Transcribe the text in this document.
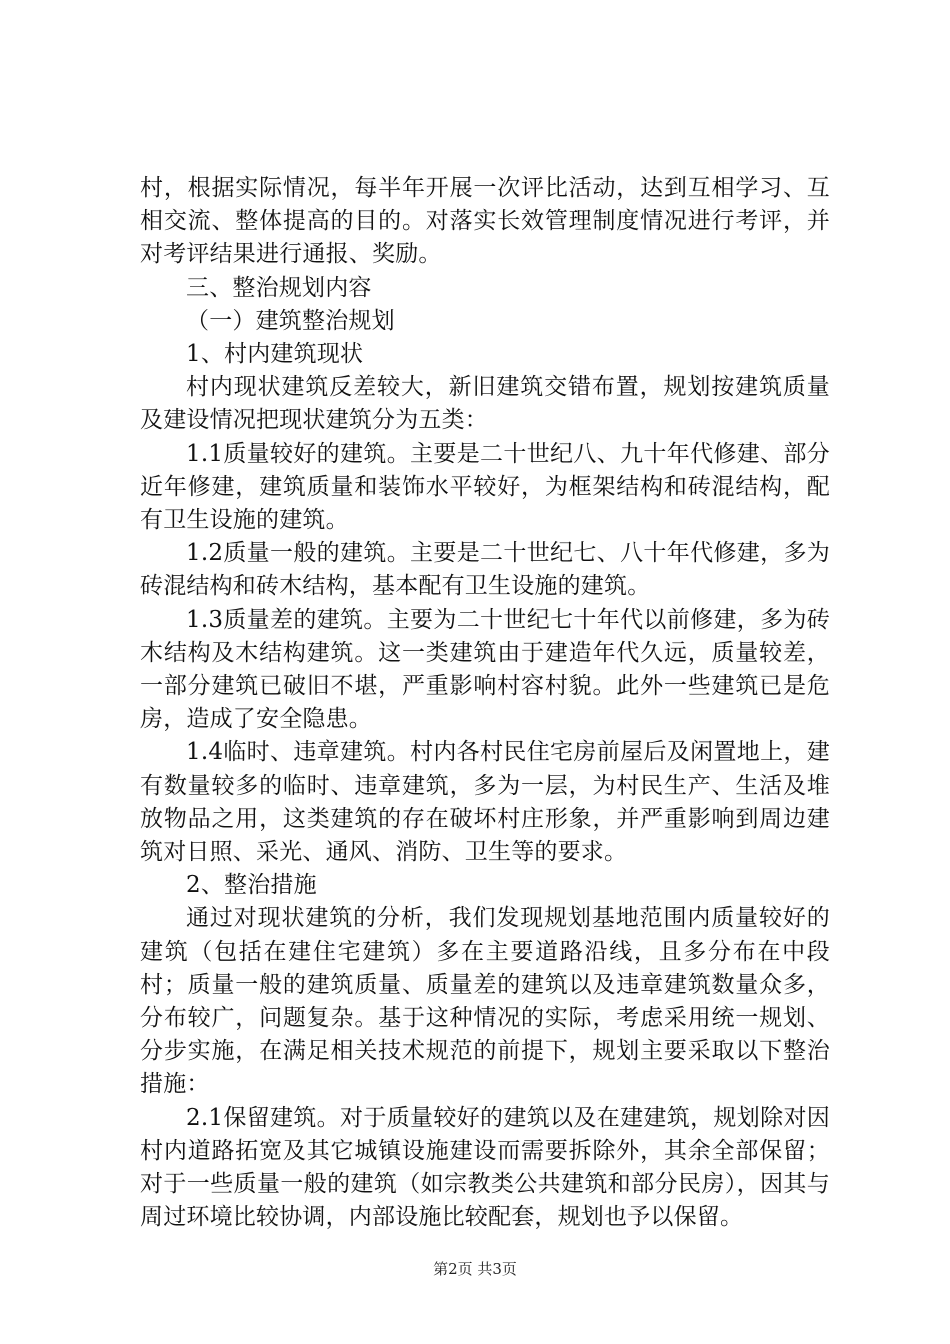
村，根据实际情况，每半年开展一次评比活动，达到互相学习、互相交流、整体提高的目的。对落实长效管理制度情况进行考评，并对考评结果进行通报、奖励。

三、整治规划内容

（一）建筑整治规划

1、村内建筑现状

村内现状建筑反差较大，新旧建筑交错布置，规划按建筑质量及建设情况把现状建筑分为五类：

1.1质量较好的建筑。主要是二十世纪八、九十年代修建、部分近年修建，建筑质量和装饰水平较好，为框架结构和砖混结构，配有卫生设施的建筑。

1.2质量一般的建筑。主要是二十世纪七、八十年代修建，多为砖混结构和砖木结构，基本配有卫生设施的建筑。

1.3质量差的建筑。主要为二十世纪七十年代以前修建，多为砖木结构及木结构建筑。这一类建筑由于建造年代久远，质量较差，一部分建筑已破旧不堪，严重影响村容村貌。此外一些建筑已是危房，造成了安全隐患。

1.4临时、违章建筑。村内各村民住宅房前屋后及闲置地上，建有数量较多的临时、违章建筑，多为一层，为村民生产、生活及堆放物品之用，这类建筑的存在破坏村庄形象，并严重影响到周边建筑对日照、采光、通风、消防、卫生等的要求。

2、整治措施

通过对现状建筑的分析，我们发现规划基地范围内质量较好的建筑（包括在建住宅建筑）多在主要道路沿线，且多分布在中段村；质量一般的建筑质量、质量差的建筑以及违章建筑数量众多，分布较广，问题复杂。基于这种情况的实际，考虑采用统一规划、分步实施，在满足相关技术规范的前提下，规划主要采取以下整治措施：

2.1保留建筑。对于质量较好的建筑以及在建建筑，规划除对因村内道路拓宽及其它城镇设施建设而需要拆除外，其余全部保留；对于一些质量一般的建筑（如宗教类公共建筑和部分民房），因其与周过环境比较协调，内部设施比较配套，规划也予以保留。

第2页 共3页
